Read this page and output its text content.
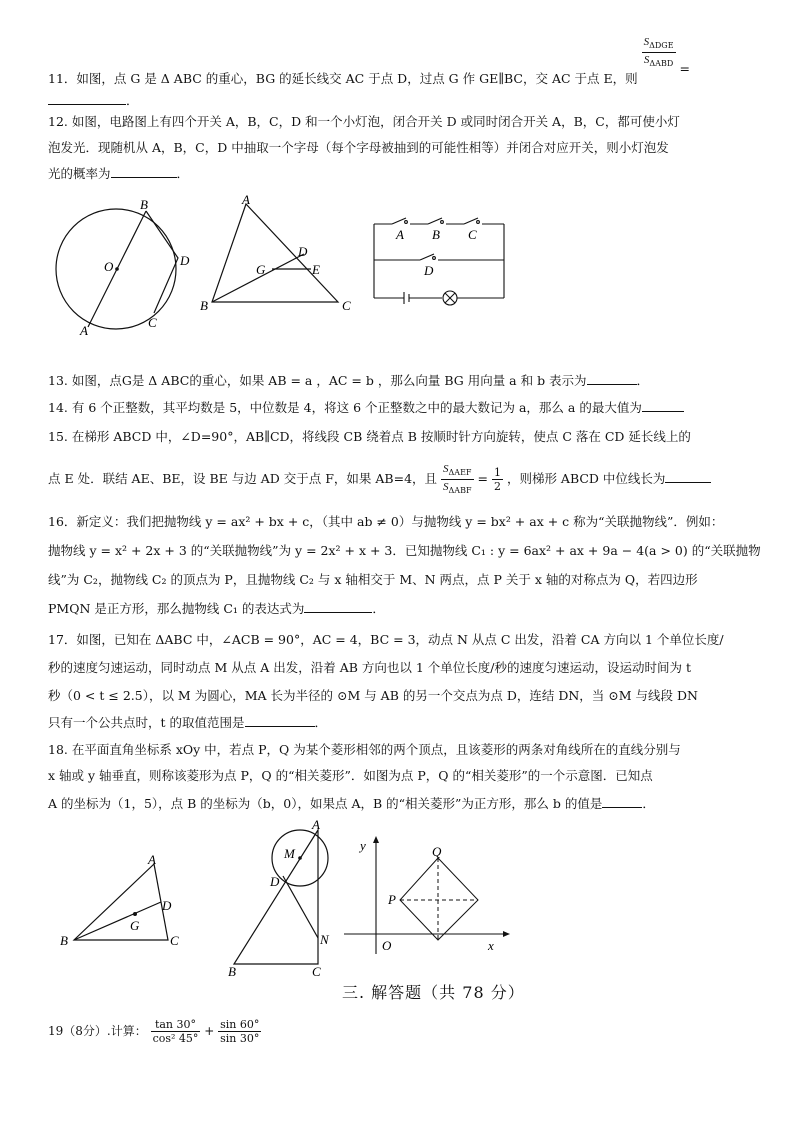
11．如图，点 G 是 Δ ABC 的重心，BG 的延长线交 AC 于点 D，过点 G 作 GE∥BC，交 AC 于点 E，则
$\frac{S_{\Delta DGE}}{S_{\Delta ABD}}$ =
．
12. 如图，电路图上有四个开关 A，B，C，D 和一个小灯泡，闭合开关 D 或同时闭合开关 A，B，C，都可使小灯
泡发光．现随机从 A，B，C，D 中抽取一个字母（每个字母被抽到的可能性相等）并闭合对应开关，则小灯泡发
光的概率为	．
B
O	D
A
C
A
G
D
E
B	C
A B C
D
13. 如图，点G是 Δ ABC的重心，如果 AB = a ，AC = b ，那么向量 BG 用向量 a 和 b 表示为	．
14. 有 6 个正整数，其平均数是 5，中位数是 4，将这 6 个正整数之中的最大数记为 a，那么 a 的最大值为
15. 在梯形 ABCD 中，∠D=90°，AB∥CD，将线段 CB 绕着点 B 按顺时针方向旋转，使点 C 落在 CD 延长线上的
点 E 处．联结 AE、BE，设 BE 与边 AD 交于点 F，如果 AB=4，且 $\frac{S_{\Delta AEF}}{S_{\Delta ABF}} = \frac{1}{2}$ ，则梯形 ABCD 中位线长为
16．新定义：我们把抛物线 y = ax² + bx + c，（其中 ab ≠ 0）与抛物线 y = bx² + ax + c 称为“关联抛物线”．例如：
抛物线 y = x² + 2x + 3 的“关联抛物线”为 y = 2x² + x + 3．已知抛物线 C₁ : y = 6ax² + ax + 9a − 4(a > 0) 的“关联抛物
线”为 C₂，抛物线 C₂ 的顶点为 P，且抛物线 C₂ 与 x 轴相交于 M、N 两点，点 P 关于 x 轴的对称点为 Q，若四边形
PMQN 是正方形，那么抛物线 C₁ 的表达式为	．
17．如图，已知在 ΔABC 中，∠ACB = 90°，AC = 4，BC = 3，动点 N 从点 C 出发，沿着 CA 方向以 1 个单位长度/
秒的速度匀速运动，同时动点 M 从点 A 出发，沿着 AB 方向也以 1 个单位长度/秒的速度匀速运动，设运动时间为 t
秒（0 < t ≤ 2.5），以 M 为圆心，MA 长为半径的 ⊙M 与 AB 的另一个交点为点 D，连结 DN，当 ⊙M 与线段 DN
只有一个公共点时，t 的取值范围是	．
18. 在平面直角坐标系 xOy 中，若点 P，Q 为某个菱形相邻的两个顶点，且该菱形的两条对角线所在的直线分别与
x 轴或 y 轴垂直，则称该菱形为点 P，Q 的“相关菱形”．如图为点 P，Q 的“相关菱形”的一个示意图．已知点
A 的坐标为（1，5），点 B 的坐标为（b，0），如果点 A，B 的“相关菱形”为正方形，那么 b 的值是	．
A
D
G
B	C
A
M
D
N
B	C
y	Q
P
O	x
三. 解答题（共 78 分）
19（8分）.计算： $\frac{\tan 30^\circ}{\text{cos² 45°}} + \frac{\sin 60^\circ}{\sin 30^\circ}$
